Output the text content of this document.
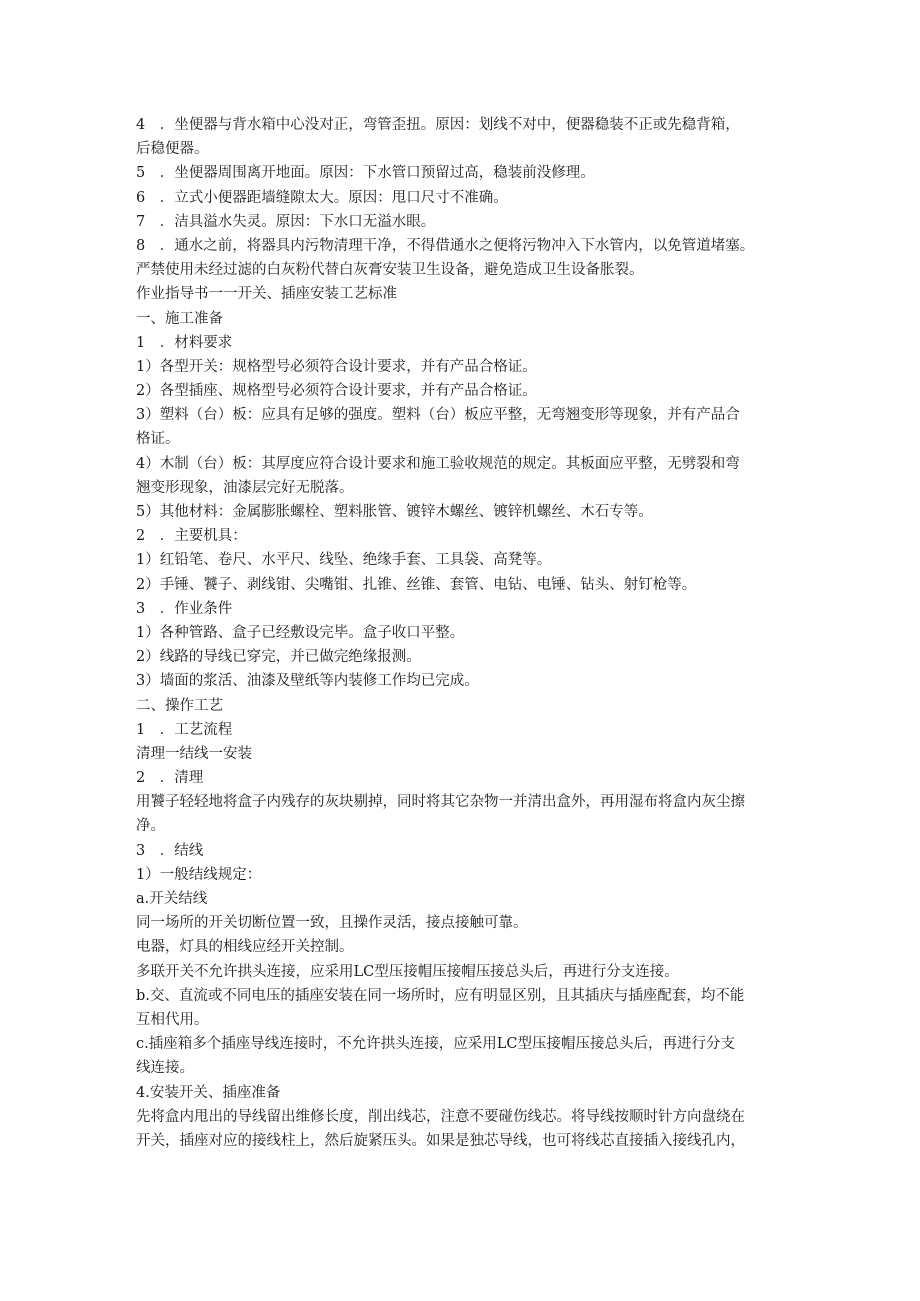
4　．坐便器与背水箱中心没对正，弯管歪扭。原因：划线不对中，便器稳装不正或先稳背箱，
后稳便器。
5　．坐便器周围离开地面。原因：下水管口预留过高，稳装前没修理。
6　．立式小便器距墙缝隙太大。原因：甩口尺寸不准确。
7　．洁具溢水失灵。原因：下水口无溢水眼。
8　．通水之前，将器具内污物清理干净，不得借通水之便将污物冲入下水管内，以免管道堵塞。
严禁使用未经过滤的白灰粉代替白灰膏安装卫生设备，避免造成卫生设备胀裂。
作业指导书一一开关、插座安装工艺标准
一、施工准备
1　．材料要求
1）各型开关：规格型号必须符合设计要求，并有产品合格证。
2）各型插座、规格型号必须符合设计要求，并有产品合格证。
3）塑料（台）板：应具有足够的强度。塑料（台）板应平整，无弯翘变形等现象，并有产品合
格证。
4）木制（台）板：其厚度应符合设计要求和施工验收规范的规定。其板面应平整，无劈裂和弯
翘变形现象，油漆层完好无脱落。
5）其他材料：金属膨胀螺栓、塑料胀管、镀锌木螺丝、镀锌机螺丝、木石专等。
2　．主要机具：
1）红铅笔、卷尺、水平尺、线坠、绝缘手套、工具袋、高凳等。
2）手锤、饕子、剥线钳、尖嘴钳、扎锥、丝锥、套管、电钻、电锤、钻头、射钉枪等。
3　．作业条件
1）各种管路、盒子已经敷设完毕。盒子收口平整。
2）线路的导线已穿完，并已做完绝缘报测。
3）墙面的浆活、油漆及壁纸等内装修工作均已完成。
二、操作工艺
1　．工艺流程
清理一结线一安装
2　．清理
用饕子轻轻地将盒子内残存的灰块剔掉，同时将其它杂物一并清出盒外，再用湿布将盒内灰尘擦
净。
3　．结线
1）一般结线规定：
a.开关结线
同一场所的开关切断位置一致，且操作灵活，接点接触可靠。
电器，灯具的相线应经开关控制。
多联开关不允许拱头连接，应采用LC型压接帽压接帽压接总头后，再进行分支连接。
b.交、直流或不同电压的插座安装在同一场所时，应有明显区别，且其插庆与插座配套，均不能
互相代用。
c.插座箱多个插座导线连接时，不允许拱头连接，应采用LC型压接帽压接总头后，再进行分支
线连接。
4.安装开关、插座准备
先将盒内甩出的导线留出维修长度，削出线芯，注意不要碰伤线芯。将导线按顺时针方向盘绕在
开关，插座对应的接线柱上，然后旋紧压头。如果是独芯导线，也可将线芯直接插入接线孔内，
